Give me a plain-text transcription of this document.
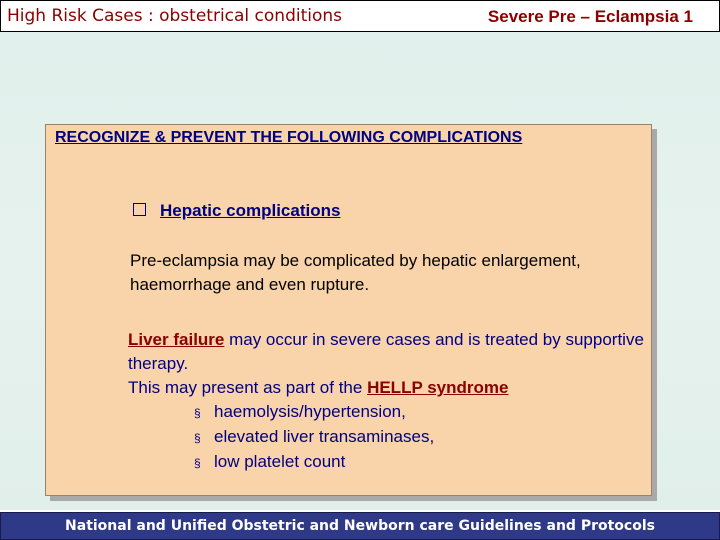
High Risk Cases : obstetrical conditions	Severe Pre – Eclampsia 1
RECOGNIZE & PREVENT THE FOLLOWING COMPLICATIONS
Hepatic complications
Pre-eclampsia may be complicated by hepatic enlargement, haemorrhage and even rupture.
Liver failure may occur in severe cases and is treated by supportive therapy.
This may present as part of the HELLP syndrome
§ haemolysis/hypertension,
§ elevated liver transaminases,
§ low platelet count
National and Unified Obstetric and Newborn care Guidelines and Protocols
